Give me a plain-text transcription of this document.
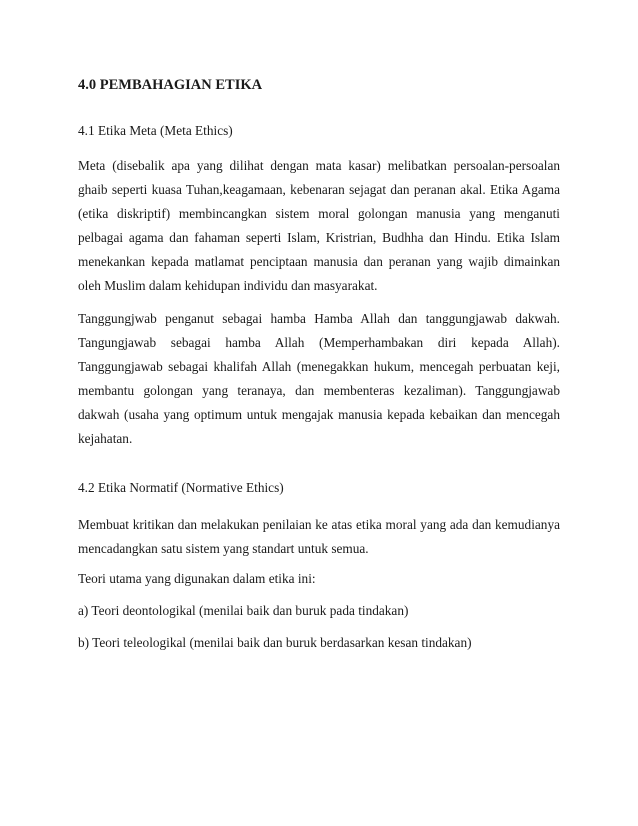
4.0 PEMBAHAGIAN ETIKA

4.1 Etika Meta (Meta Ethics)

Meta (disebalik apa yang dilihat dengan mata kasar) melibatkan persoalan-persoalan ghaib seperti kuasa Tuhan,keagamaan, kebenaran sejagat dan peranan akal. Etika Agama (etika diskriptif) membincangkan sistem moral golongan manusia yang menganuti pelbagai agama dan fahaman seperti Islam, Kristrian, Budhha dan Hindu. Etika Islam menekankan kepada matlamat penciptaan manusia dan peranan yang wajib dimainkan oleh Muslim dalam kehidupan individu dan masyarakat.

Tanggungjwab penganut sebagai hamba Hamba Allah dan tanggungjawab dakwah. Tangungjawab sebagai hamba Allah (Memperhambakan diri kepada Allah). Tanggungjawab sebagai khalifah Allah (menegakkan hukum, mencegah perbuatan keji, membantu golongan yang teranaya, dan membenteras kezaliman). Tanggungjawab dakwah (usaha yang optimum untuk mengajak manusia kepada kebaikan dan mencegah kejahatan.

4.2 Etika Normatif (Normative Ethics)

Membuat kritikan dan melakukan penilaian ke atas etika moral yang ada dan kemudianya mencadangkan satu sistem yang standart untuk semua.

Teori utama yang digunakan dalam etika ini:

a) Teori deontologikal (menilai baik dan buruk pada tindakan)

b) Teori teleologikal (menilai baik dan buruk berdasarkan kesan tindakan)
